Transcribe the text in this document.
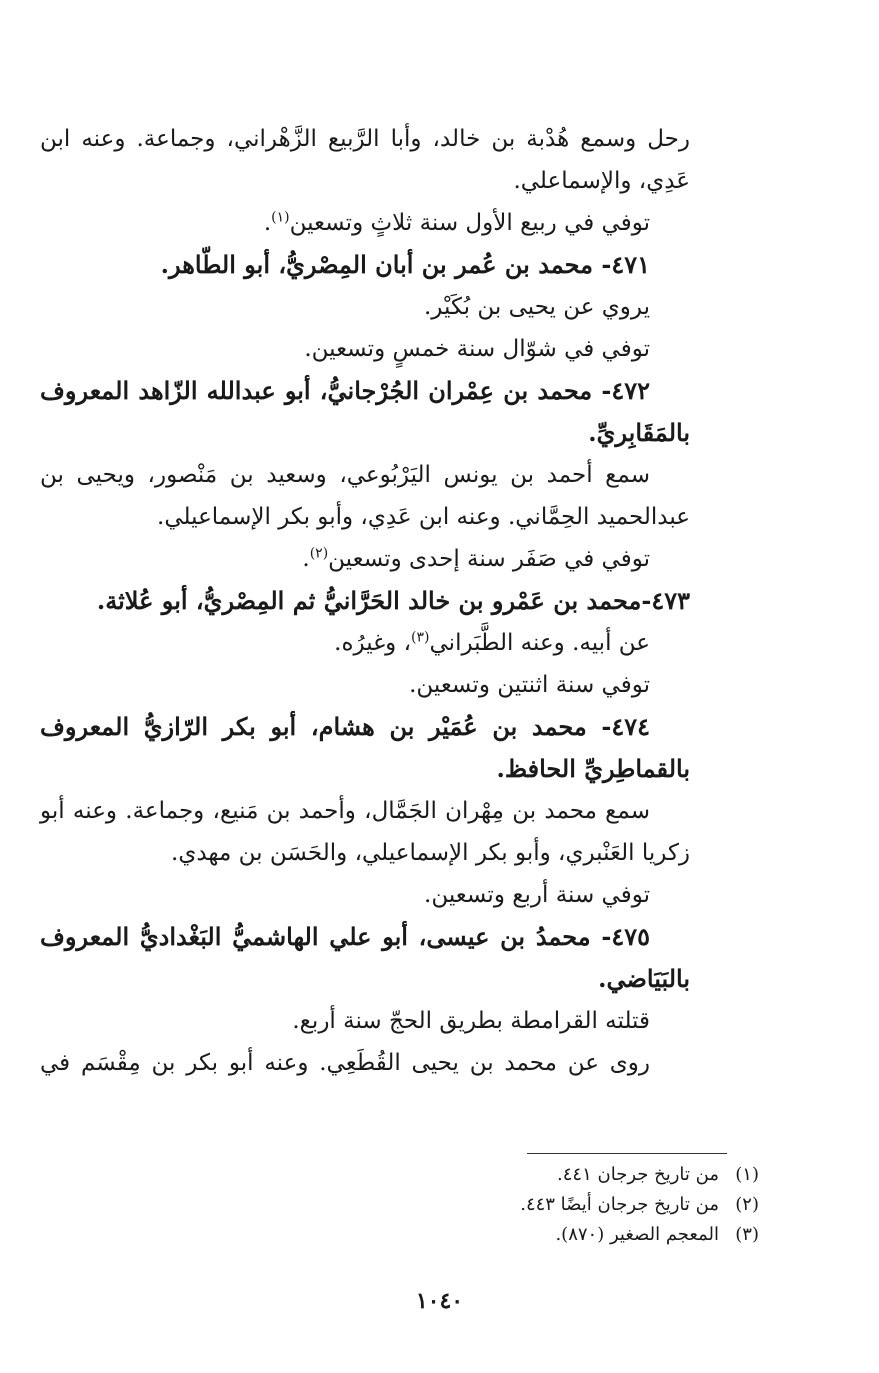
رحل وسمع هُدْبة بن خالد، وأبا الرَّبيع الزَّهْراني، وجماعة. وعنه ابن
عَدِي، والإسماعلي.
توفي في ربيع الأول سنة ثلاثٍ وتسعين$^{(١)}$.
٤٧١- محمد بن عُمر بن أبان المِصْريُّ، أبو الطّاهر.
يروي عن يحيى بن بُكَيْر.
توفي في شوّال سنة خمسٍ وتسعين.
٤٧٢- محمد بن عِمْران الجُرْجانيُّ، أبو عبدالله الزّاهد المعروف
بالمَقَابِريِّ.
سمع أحمد بن يونس اليَرْبُوعي، وسعيد بن مَنْصور، ويحيى بن
عبدالحميد الحِمَّاني. وعنه ابن عَدِي، وأبو بكر الإسماعيلي.
توفي في صَفَر سنة إحدى وتسعين$^{(٢)}$.
٤٧٣-محمد بن عَمْرو بن خالد الحَرَّانيُّ ثم المِصْريُّ، أبو عُلاثة.
عن أبيه. وعنه الطَّبَراني$^{(٣)}$، وغيرُه.
توفي سنة اثنتين وتسعين.
٤٧٤- محمد بن عُمَيْر بن هشام، أبو بكر الرّازيُّ المعروف
بالقماطِريِّ الحافظ.
سمع محمد بن مِهْران الجَمَّال، وأحمد بن مَنيع، وجماعة. وعنه أبو
زكريا العَنْبري، وأبو بكر الإسماعيلي، والحَسَن بن مهدي.
توفي سنة أربع وتسعين.
٤٧٥- محمدُ بن عيسى، أبو علي الهاشميُّ البَغْداديُّ المعروف
بالبَيَاضي.
قتلته القرامطة بطريق الحجّ سنة أربع.
روى عن محمد بن يحيى القُطَعِي. وعنه أبو بكر بن مِقْسَم في
(١)من تاريخ جرجان ٤٤١.
(٢)من تاريخ جرجان أيضًا ٤٤٣.
(٣)المعجم الصغير (٨٧٠).
١٠٤٠
